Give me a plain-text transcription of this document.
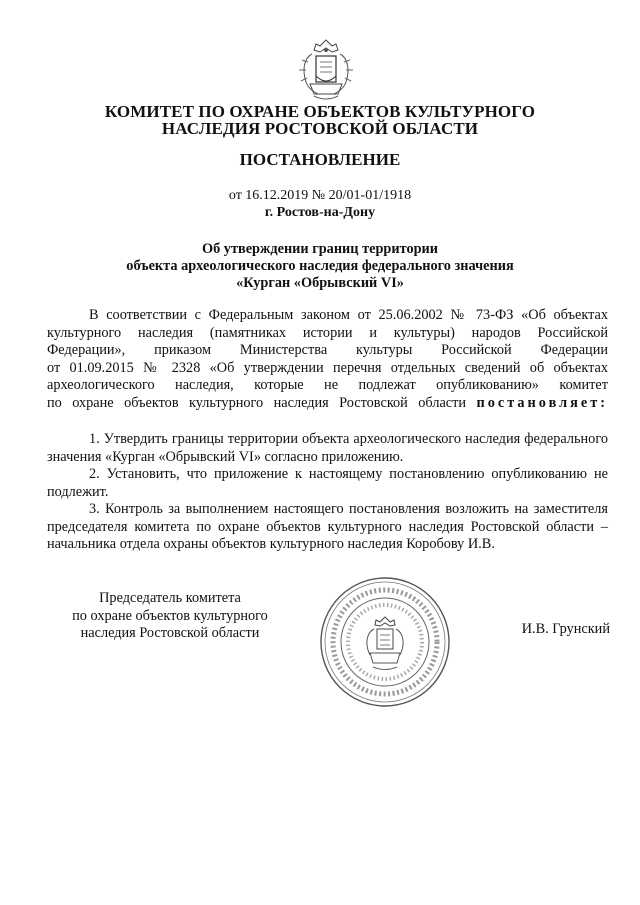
КОМИТЕТ ПО ОХРАНЕ ОБЪЕКТОВ КУЛЬТУРНОГО
НАСЛЕДИЯ РОСТОВСКОЙ ОБЛАСТИ
ПОСТАНОВЛЕНИЕ
от 16.12.2019 № 20/01-01/1918
г. Ростов-на-Дону
Об утверждении границ территории
объекта археологического наследия федерального значения
«Курган «Обрывский VI»
В соответствии с Федеральным законом от 25.06.2002 № 73-ФЗ «Об объектах
культурного наследия (памятниках истории и культуры) народов Российской
Федерации», приказом Министерства культуры Российской Федерации
от 01.09.2015 № 2328 «Об утверждении перечня отдельных сведений об объектах
археологического наследия, которые не подлежат опубликованию» комитет
по охране объектов культурного наследия Ростовской области постановляет:
1. Утвердить границы территории объекта археологического наследия федерального значения «Курган «Обрывский VI» согласно приложению.
2. Установить, что приложение к настоящему постановлению опубликованию не подлежит.
3. Контроль за выполнением настоящего постановления возложить на заместителя председателя комитета по охране объектов культурного наследия Ростовской области – начальника отдела охраны объектов культурного наследия Коробову И.В.
Председатель комитета
по охране объектов культурного
наследия Ростовской области	И.В. Грунский
